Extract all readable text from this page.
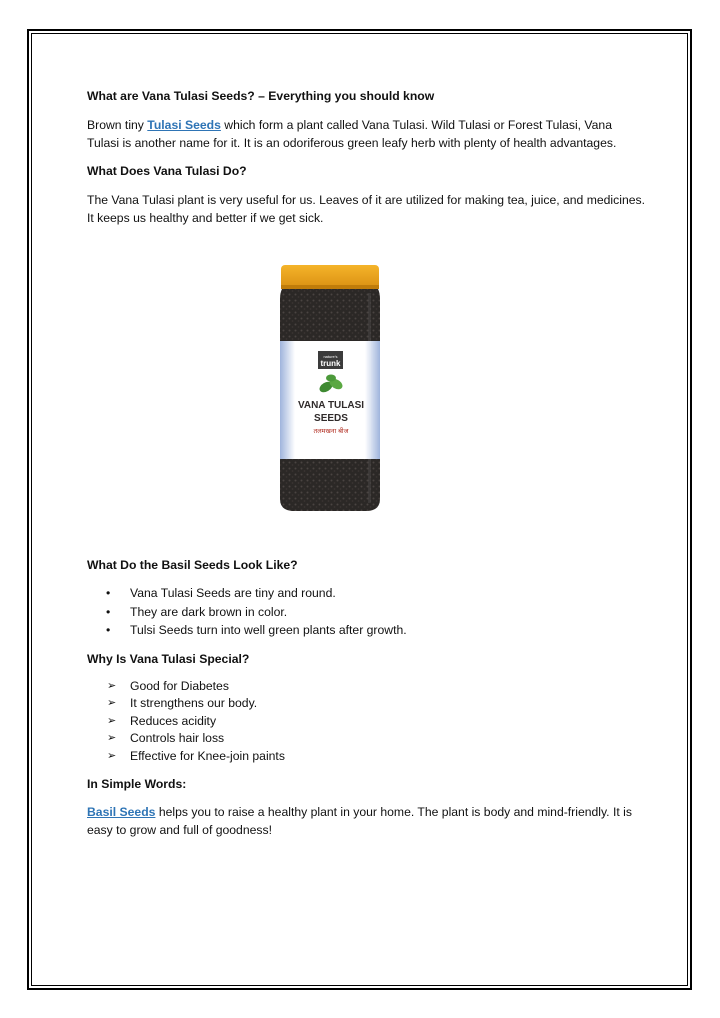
What are Vana Tulasi Seeds? – Everything you should know

Brown tiny Tulasi Seeds which form a plant called Vana Tulasi. Wild Tulasi or Forest Tulasi, Vana Tulasi is another name for it. It is an odoriferous green leafy herb with plenty of health advantages.

What Does Vana Tulasi Do?

The Vana Tulasi plant is very useful for us. Leaves of it are utilized for making tea, juice, and medicines. It keeps us healthy and better if we get sick.

nature's
trunk
VANA TULASI
SEEDS
तलमखना बीज

What Do the Basil Seeds Look Like?

• Vana Tulasi Seeds are tiny and round.
• They are dark brown in color.
• Tulsi Seeds turn into well green plants after growth.

Why Is Vana Tulasi Special?

➢ Good for Diabetes
➢ It strengthens our body.
➢ Reduces acidity
➢ Controls hair loss
➢ Effective for Knee-join paints

In Simple Words:

Basil Seeds helps you to raise a healthy plant in your home. The plant is body and mind-friendly. It is easy to grow and full of goodness!
